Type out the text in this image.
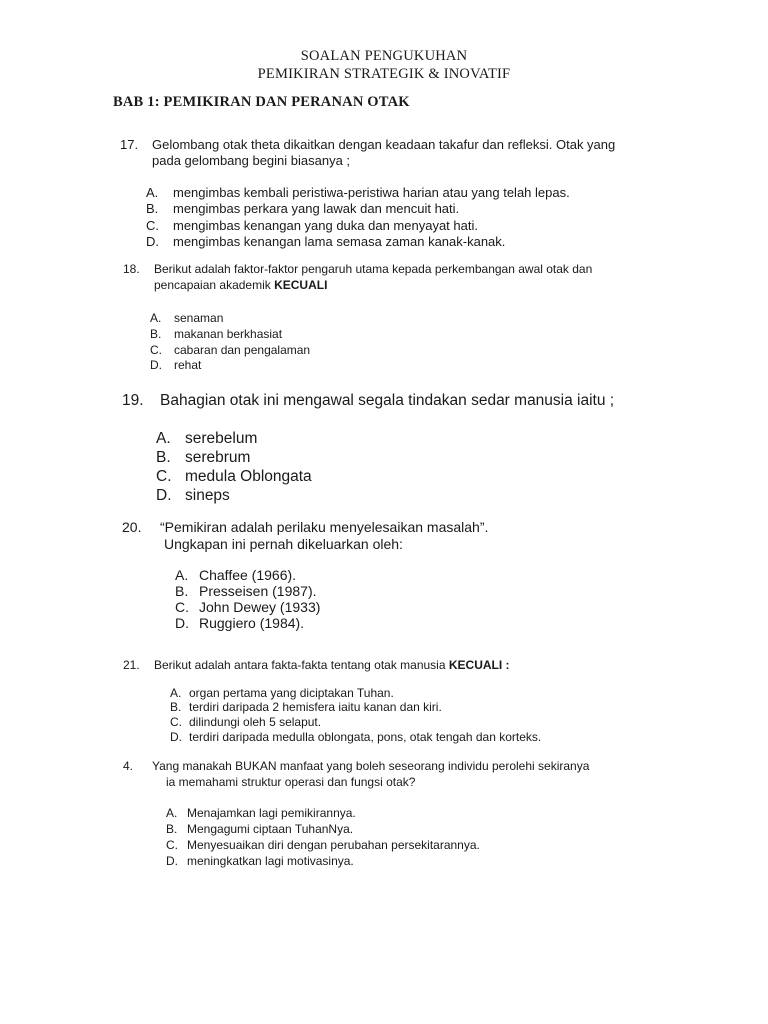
SOALAN PENGUKUHAN
PEMIKIRAN STRATEGIK & INOVATIF
BAB 1: PEMIKIRAN DAN PERANAN OTAK
17. Gelombang otak theta dikaitkan dengan keadaan takafur dan refleksi. Otak yang
pada gelombang begini biasanya ;
A. mengimbas kembali peristiwa-peristiwa harian atau yang telah lepas.
B. mengimbas perkara yang lawak dan mencuit hati.
C. mengimbas kenangan yang duka dan menyayat hati.
D. mengimbas kenangan lama semasa zaman kanak-kanak.
18. Berikut adalah faktor-faktor pengaruh utama kepada perkembangan awal otak dan
pencapaian akademik KECUALI
A. senaman
B. makanan berkhasiat
C. cabaran dan pengalaman
D. rehat
19. Bahagian otak ini mengawal segala tindakan sedar manusia iaitu ;
A. serebelum
B. serebrum
C. medula Oblongata
D. sineps
20. “Pemikiran adalah perilaku menyelesaikan masalah”.
Ungkapan ini pernah dikeluarkan oleh:
A. Chaffee (1966).
B. Presseisen (1987).
C. John Dewey (1933)
D. Ruggiero (1984).
21. Berikut adalah antara fakta-fakta tentang otak manusia KECUALI :
A. organ pertama yang diciptakan Tuhan.
B. terdiri daripada 2 hemisfera iaitu kanan dan kiri.
C. dilindungi oleh 5 selaput.
D. terdiri daripada medulla oblongata, pons, otak tengah dan korteks.
4. Yang manakah BUKAN manfaat yang boleh seseorang individu perolehi sekiranya
ia memahami struktur operasi dan fungsi otak?
A. Menajamkan lagi pemikirannya.
B. Mengagumi ciptaan TuhanNya.
C. Menyesuaikan diri dengan perubahan persekitarannya.
D. meningkatkan lagi motivasinya.
